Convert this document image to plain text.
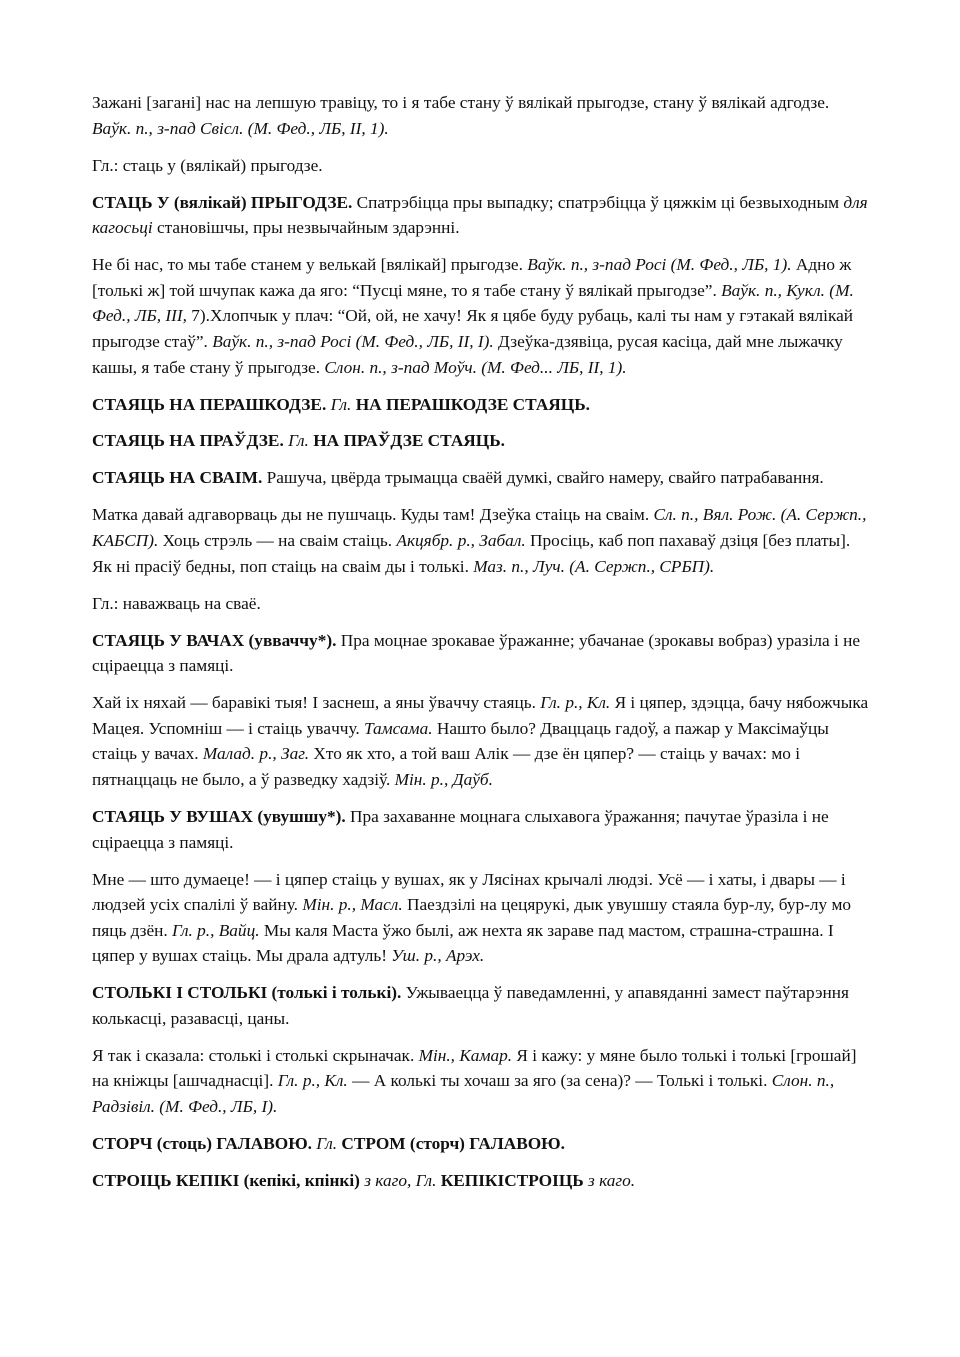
Зажані [загані] нас на лепшую травіцу, то і я табе стану ў вялікай прыгодзе, стану ў вялікай адгодзе. Ваўк. п., з-пад Свісл. (М. Фед., ЛБ, II, 1).

Гл.: стаць у (вялікай) прыгодзе.

СТАЦЬ У (вялікай) ПРЫГОДЗЕ. Спатрэбіцца пры выпадку; спатрэбіцца ў цяжкім ці безвыходным для кагосьці становішчы, пры незвычайным здарэнні.

Не бі нас, то мы табе станем у велькай [вялікай] прыгодзе. Ваўк. п., з-пад Росі (М. Фед., ЛБ, 1). Адно ж [толькі ж] той шчупак кажа да яго: “Пусці мяне, то я табе стану ў вялікай прыгодзе”. Ваўк. п., Кукл. (М. Фед., ЛБ, III, 7).Хлопчык у плач: “Ой, ой, не хачу! Як я цябе буду рубаць, калі ты нам у гэтакай вялікай прыгодзе стаў”. Ваўк. п., з-пад Росі (М. Фед., ЛБ, II, I). Дзеўка-дзявіца, русая касіца, дай мне лыжачку кашы, я табе стану ў прыгодзе. Слон. п., з-пад Моўч. (М. Фед... ЛБ, II, 1).

СТАЯЦЬ НА ПЕРАШКОДЗЕ. Гл. НА ПЕРАШКОДЗЕ СТАЯЦЬ.

СТАЯЦЬ НА ПРАЎДЗЕ. Гл. НА ПРАЎДЗЕ СТАЯЦЬ.

СТАЯЦЬ НА СВАІМ. Рашуча, цвёрда трымацца сваёй думкі, свайго намеру, свайго патрабавання.

Матка давай адгаворваць ды не пушчаць. Куды там! Дзеўка стаіць на сваім. Сл. п., Вял. Рож. (А. Сержп., КАБСП). Хоць стрэль — на сваім стаіць. Акцябр. р., Забал. Просіць, каб поп пахаваў дзіця [без платы]. Як ні прасіў бедны, поп стаіць на сваім ды і толькі. Маз. п., Луч. (А. Сержп., СРБП).

Гл.: наважваць на сваё.

СТАЯЦЬ У ВАЧАХ (увваччу*). Пра моцнае зрокавае ўражанне; убачанае (зрокавы вобраз) уразіла і не сціраецца з памяці.

Хай іх няхай — баравікі тыя! І заснеш, а яны ўвaччу стаяць. Гл. р., Кл. Я і цяпер, здэцца, бачу нябожчыка Мацея. Успомніш — і стаіць увaччу. Тамсама. Нашто было? Дваццаць гадоў, а пажар у Максімаўцы стаіць у вачах. Малад. р., Заг. Хто як хто, а той ваш Алік — дзе ён цяпер? — стаіць у вачах: мо і пятнаццаць не было, а ў разведку хадзіў. Мін. р., Даўб.

СТАЯЦЬ У ВУШАХ (увушшу*). Пра захаванне моцнага слыхавога ўражання; пачутае ўразіла і не сціраецца з памяці.

Мне — што думаеце! — і цяпер стаіць у вушах, як у Лясінах крычалі людзі. Усё — і хаты, і двары — і людзей усіх спалілі ў вайну. Мін. р., Масл. Паездзілі на цецярукі, дык увушшу стаяла бур-лу, бур-лу мо пяць дзён. Гл. р., Вайц. Мы каля Маста ўжо былі, аж нехта як зараве пад мастом, страшна-страшна. І цяпер у вушах стаіць. Мы драла адтуль! Уш. р., Арэх.

СТОЛЬКІ І СТОЛЬКІ (толькі і толькі). Ужываецца ў паведамленні, у апавяданні замест паўтарэння колькасці, разавасці, цаны.

Я так і сказала: столькі і столькі скрыначак. Мін., Камар. Я і кажу: у мяне было толькі і толькі [грошай] на кніжцы [ашчаднасці]. Гл. р., Кл. — А колькі ты хочаш за яго (за сена)? — Толькі і толькі. Слон. п., Радзівіл. (М. Фед., ЛБ, I).

СТОРЧ (стоць) ГАЛАВОЮ. Гл. СТРОМ (сторч) ГАЛАВОЮ.

СТРОІЦЬ КЕПІКІ (кепікі, кпінкі) з каго, Гл. КЕПІКІСТРОІЦЬ з каго.
